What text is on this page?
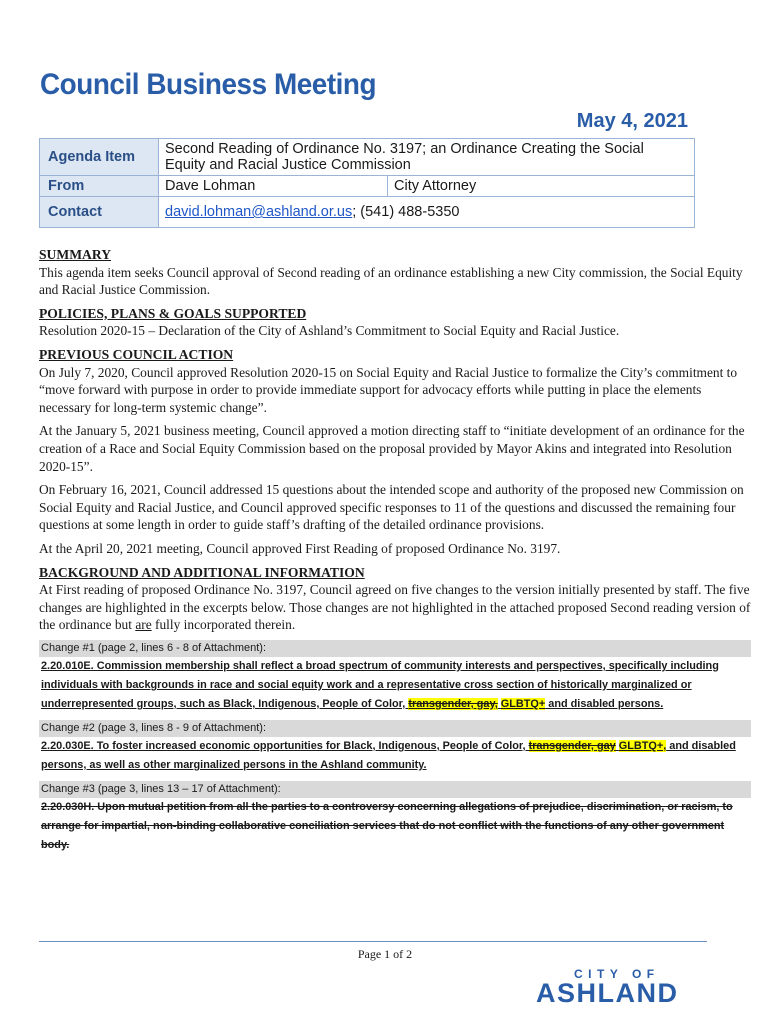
Council Business Meeting
May 4, 2021
Agenda Item	Second Reading of Ordinance No. 3197; an Ordinance Creating the Social Equity and Racial Justice Commission	
From	Dave Lohman	City Attorney
Contact	david.lohman@ashland.or.us; (541) 488-5350	
SUMMARY

This agenda item seeks Council approval of Second reading of an ordinance establishing a new City commission, the Social Equity and Racial Justice Commission.

POLICIES, PLANS & GOALS SUPPORTED

Resolution 2020-15 – Declaration of the City of Ashland’s Commitment to Social Equity and Racial Justice.

PREVIOUS COUNCIL ACTION

On July 7, 2020, Council approved Resolution 2020-15 on Social Equity and Racial Justice to formalize the City’s commitment to “move forward with purpose in order to provide immediate support for advocacy efforts while putting in place the elements necessary for long-term systemic change”.

At the January 5, 2021 business meeting, Council approved a motion directing staff to “initiate development of an ordinance for the creation of a Race and Social Equity Commission based on the proposal provided by Mayor Akins and integrated into Resolution 2020-15”.

On February 16, 2021, Council addressed 15 questions about the intended scope and authority of the proposed new Commission on Social Equity and Racial Justice, and Council approved specific responses to 11 of the questions and discussed the remaining four questions at some length in order to guide staff’s drafting of the detailed ordinance provisions.

At the April 20, 2021 meeting, Council approved First Reading of proposed Ordinance No. 3197.

BACKGROUND AND ADDITIONAL INFORMATION

At First reading of proposed Ordinance No. 3197, Council agreed on five changes to the version initially presented by staff. The five changes are highlighted in the excerpts below. Those changes are not highlighted in the attached proposed Second reading version of the ordinance but are fully incorporated therein.

Change #1 (page 2, lines 6 - 8 of Attachment):
2.20.010E. Commission membership shall reflect a broad spectrum of community interests and perspectives, specifically including individuals with backgrounds in race and social equity work and a representative cross section of historically marginalized or underrepresented groups, such as Black, Indigenous, People of Color, transgender, gay, GLBTQ+ and disabled persons.
Change #2 (page 3, lines 8 - 9 of Attachment):
2.20.030E. To foster increased economic opportunities for Black, Indigenous, People of Color, transgender, gay GLBTQ+, and disabled persons, as well as other marginalized persons in the Ashland community.
Change #3 (page 3, lines 13 – 17 of Attachment):
2.20.030H. Upon mutual petition from all the parties to a controversy concerning allegations of prejudice, discrimination, or racism, to arrange for impartial, non-binding collaborative conciliation services that do not conflict with the functions of any other government body.
Page 1 of 2
CITY OF
ASHLAND
